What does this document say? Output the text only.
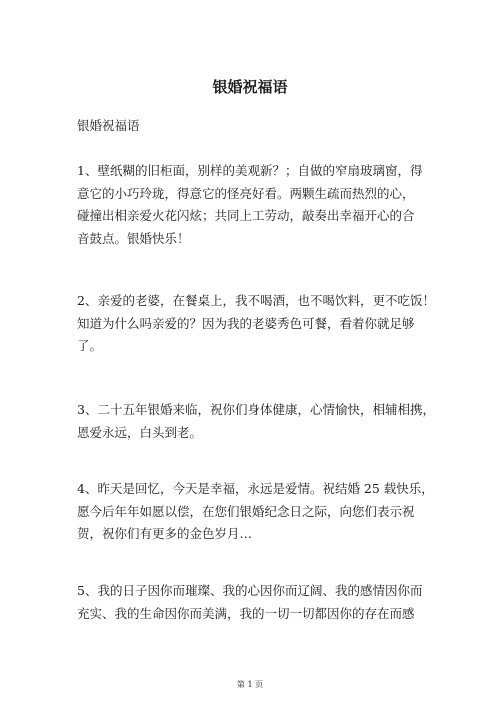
银婚祝福语
银婚祝福语
1、壁纸糊的旧柜面，别样的美观新？；自做的窄扇玻璃窗，得
意它的小巧玲珑，得意它的怪亮好看。两颗生疏而热烈的心，
碰撞出相亲爱火花闪炫；共同上工劳动，敲奏出幸福开心的合
音鼓点。银婚快乐！
2、亲爱的老婆，在餐桌上，我不喝酒，也不喝饮料，更不吃饭！
知道为什么吗亲爱的？因为我的老婆秀色可餐，看着你就足够
了。
3、二十五年银婚来临，祝你们身体健康，心情愉快，相辅相携，
恩爱永远，白头到老。
4、昨天是回忆，今天是幸福，永远是爱情。祝结婚 25 载快乐，
愿今后年年如愿以偿，在您们银婚纪念日之际，向您们表示祝
贺，祝你们有更多的金色岁月…
5、我的日子因你而璀璨、我的心因你而辽阔、我的感情因你而
充实、我的生命因你而美满，我的一切一切都因你的存在而感
第 1 页
